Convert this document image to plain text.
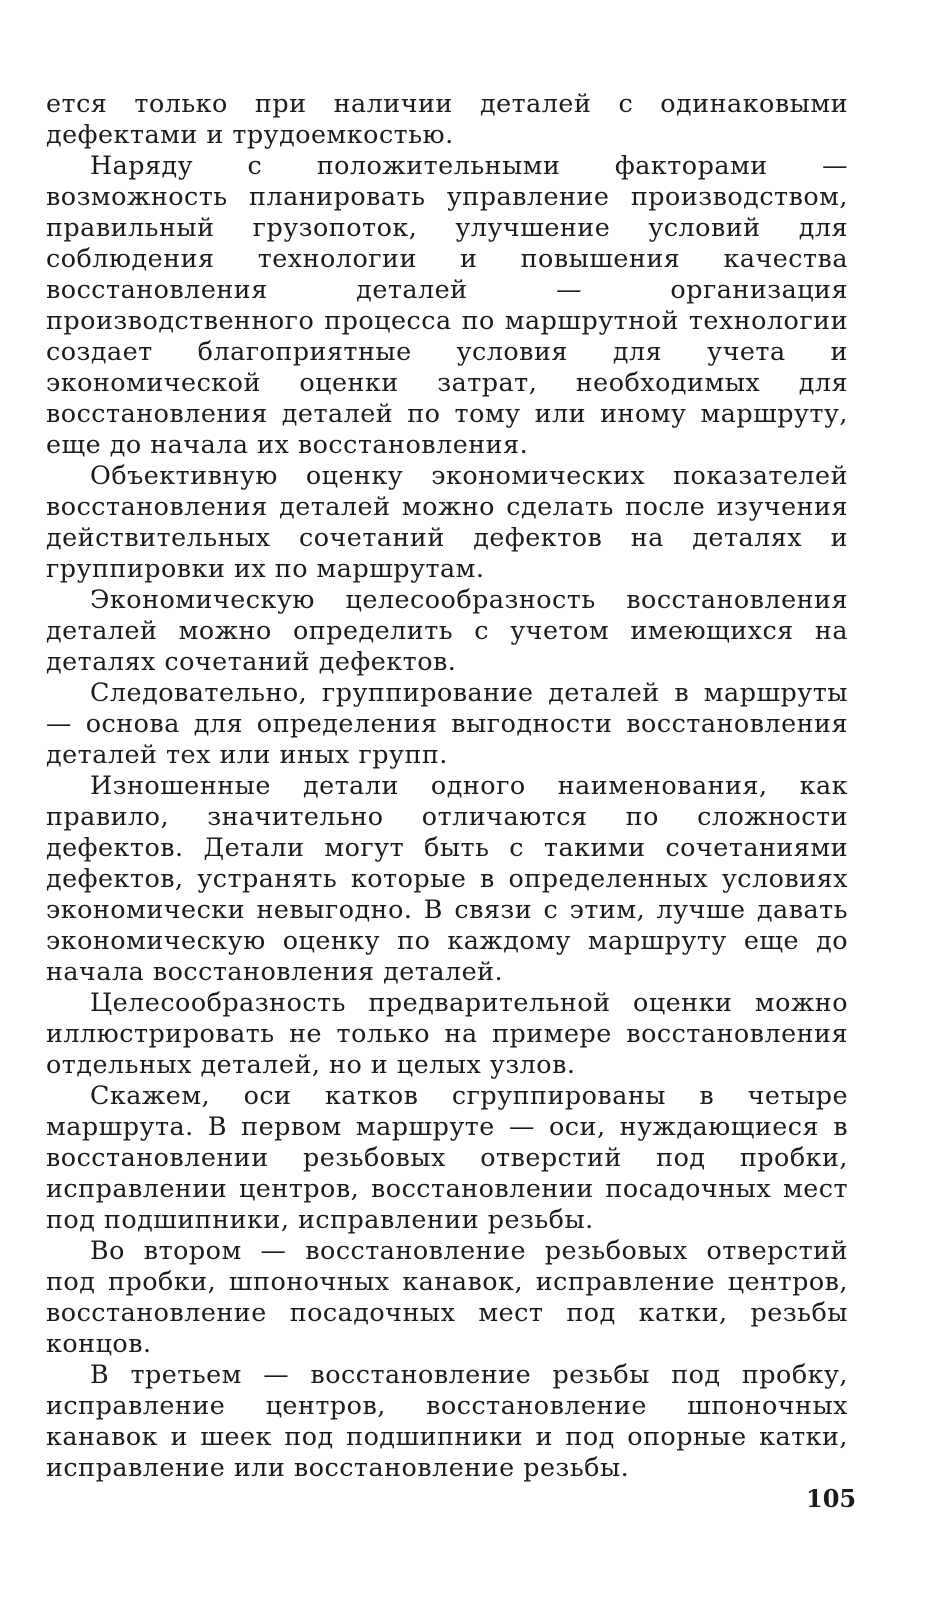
ется только при наличии деталей с одинаковыми дефектами и трудоемкостью.

Наряду с положительными факторами — возможность планировать управление производством, правильный грузопоток, улучшение условий для соблюдения технологии и повышения качества восстановления деталей — организация производственного процесса по маршрутной технологии создает благоприятные условия для учета и экономической оценки затрат, необходимых для восстановления деталей по тому или иному маршруту, еще до начала их восстановления.

Объективную оценку экономических показателей восстановления деталей можно сделать после изучения действительных сочетаний дефектов на деталях и группировки их по маршрутам.

Экономическую целесообразность восстановления деталей можно определить с учетом имеющихся на деталях сочетаний дефектов.

Следовательно, группирование деталей в маршруты — основа для определения выгодности восстановления деталей тех или иных групп.

Изношенные детали одного наименования, как правило, значительно отличаются по сложности дефектов. Детали могут быть с такими сочетаниями дефектов, устранять которые в определенных условиях экономически невыгодно. В связи с этим, лучше давать экономическую оценку по каждому маршруту еще до начала восстановления деталей.

Целесообразность предварительной оценки можно иллюстрировать не только на примере восстановления отдельных деталей, но и целых узлов.

Скажем, оси катков сгруппированы в четыре маршрута. В первом маршруте — оси, нуждающиеся в восстановлении резьбовых отверстий под пробки, исправлении центров, восстановлении посадочных мест под подшипники, исправлении резьбы.

Во втором — восстановление резьбовых отверстий под пробки, шпоночных канавок, исправление центров, восстановление посадочных мест под катки, резьбы концов.

В третьем — восстановление резьбы под пробку, исправление центров, восстановление шпоночных канавок и шеек под подшипники и под опорные катки, исправление или восстановление резьбы.

105
